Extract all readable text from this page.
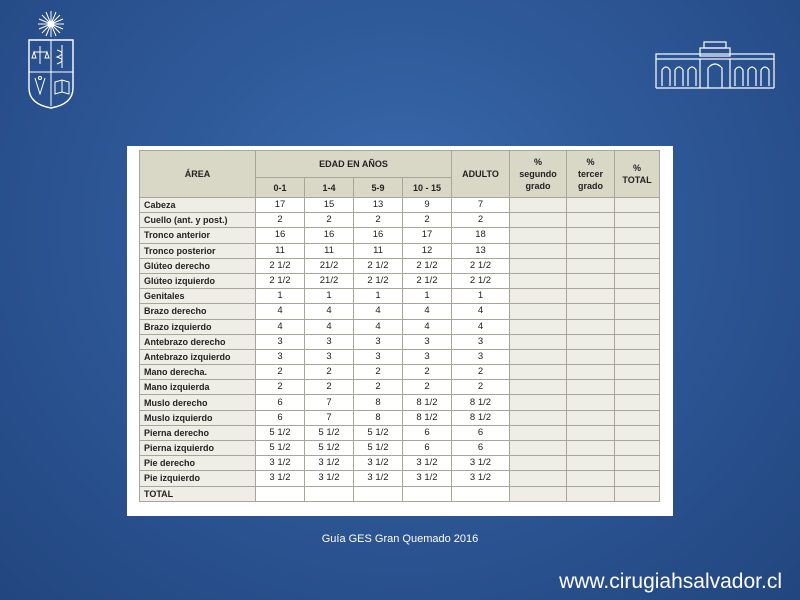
ÁREA	EDAD EN AÑOS				ADULTO	%
segundo
grado	%
tercer
grado	%
TOTAL
	0-1	1-4	5-9	10 - 15				
Cabeza	17	15	13	9	7			
Cuello (ant. y post.)	2	2	2	2	2			
Tronco anterior	16	16	16	17	18			
Tronco posterior	11	11	11	12	13			
Glúteo derecho	2 1/2	21/2	2 1/2	2 1/2	2 1/2			
Glúteo izquierdo	2 1/2	21/2	2 1/2	2 1/2	2 1/2			
Genitales	1	1	1	1	1			
Brazo derecho	4	4	4	4	4			
Brazo izquierdo	4	4	4	4	4			
Antebrazo derecho	3	3	3	3	3			
Antebrazo izquierdo	3	3	3	3	3			
Mano derecha.	2	2	2	2	2			
Mano izquierda	2	2	2	2	2			
Muslo derecho	6	7	8	8 1/2	8 1/2			
Muslo izquierdo	6	7	8	8 1/2	8 1/2			
Pierna derecho	5 1/2	5 1/2	5 1/2	6	6			
Pierna izquierdo	5 1/2	5 1/2	5 1/2	6	6			
Pie derecho	3 1/2	3 1/2	3 1/2	3 1/2	3 1/2			
Pie izquierdo	3 1/2	3 1/2	3 1/2	3 1/2	3 1/2			
TOTAL								
Guía GES Gran Quemado 2016
www.cirugiahsalvador.cl
